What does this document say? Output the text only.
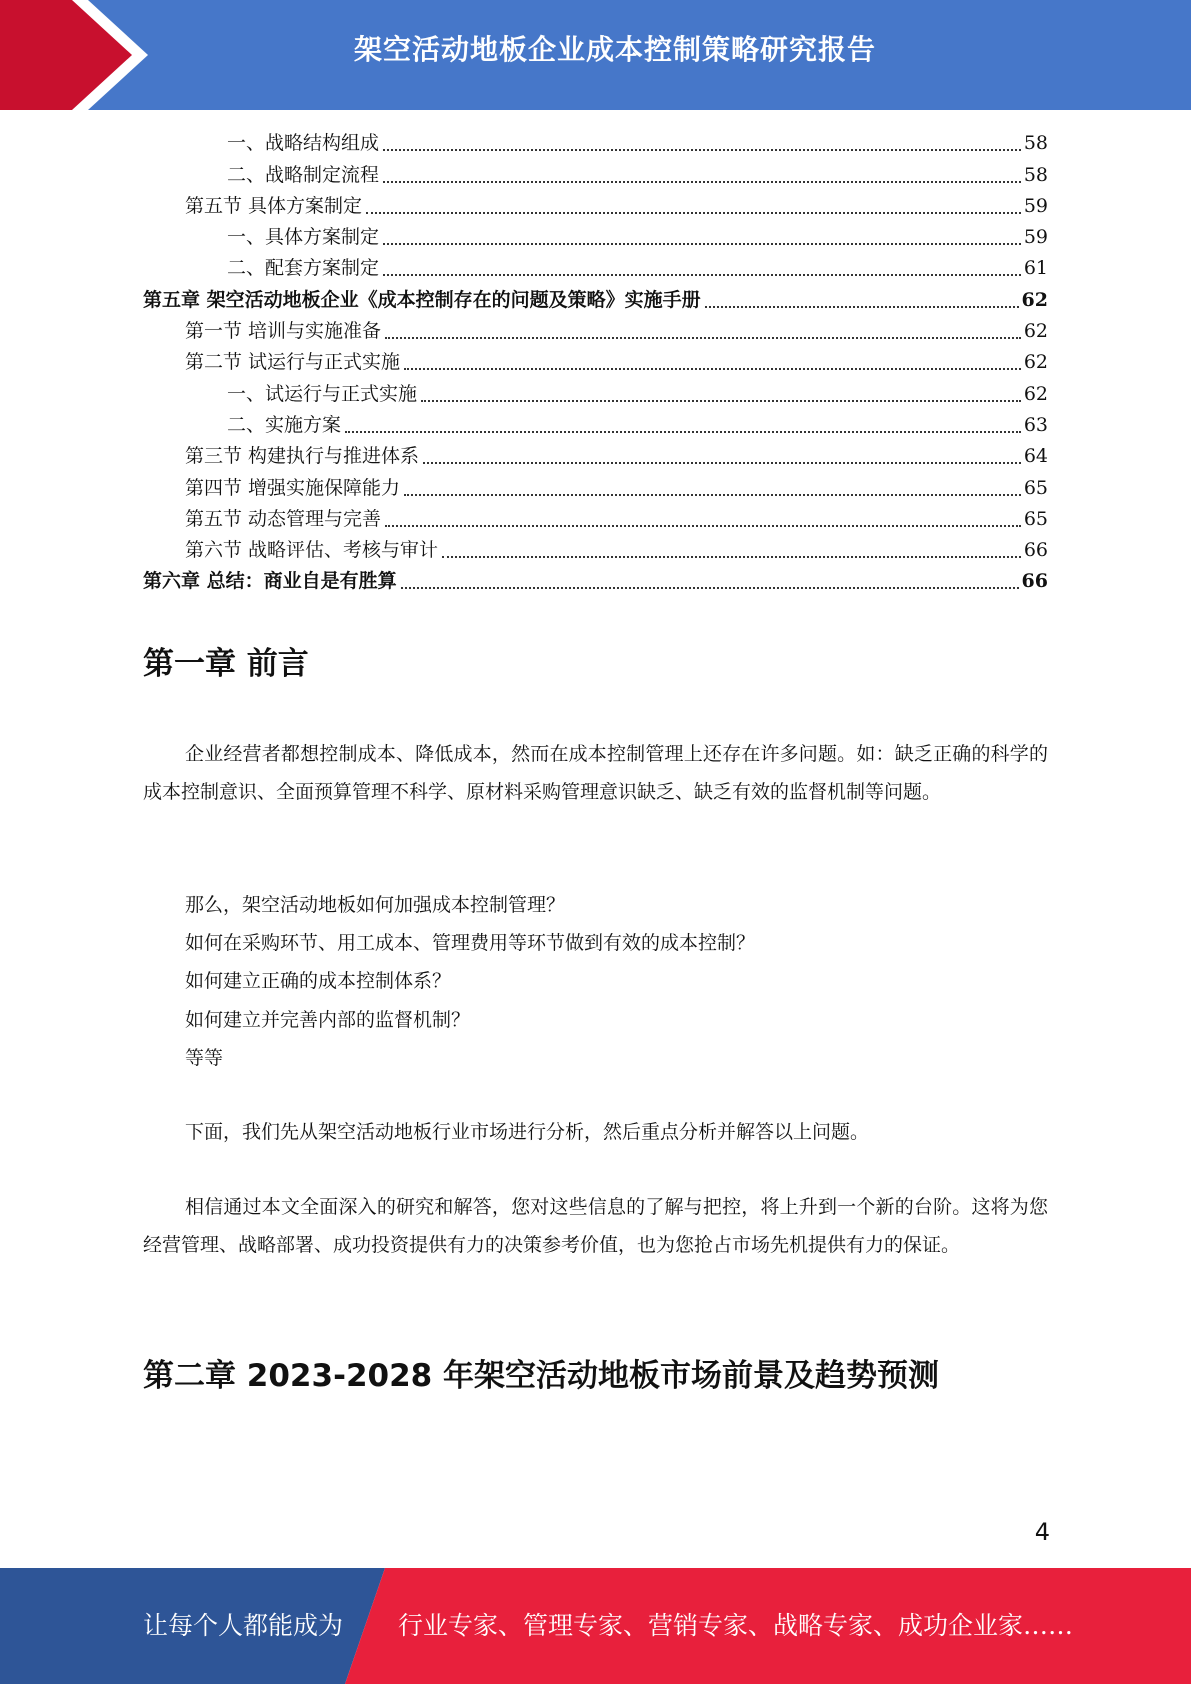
架空活动地板企业成本控制策略研究报告
一、战略结构组成	58
二、战略制定流程	58
第五节 具体方案制定	59
一、具体方案制定	59
二、配套方案制定	61
第五章 架空活动地板企业《成本控制存在的问题及策略》实施手册	62
第一节 培训与实施准备	62
第二节 试运行与正式实施	62
一、试运行与正式实施	62
二、实施方案	63
第三节 构建执行与推进体系	64
第四节 增强实施保障能力	65
第五节 动态管理与完善	65
第六节 战略评估、考核与审计	66
第六章 总结：商业自是有胜算	66
第一章 前言

企业经营者都想控制成本、降低成本，然而在成本控制管理上还存在许多问题。如：缺乏正确的科学的成本控制意识、全面预算管理不科学、原材料采购管理意识缺乏、缺乏有效的监督机制等问题。

那么，架空活动地板如何加强成本控制管理？
如何在采购环节、用工成本、管理费用等环节做到有效的成本控制？
如何建立正确的成本控制体系？
如何建立并完善内部的监督机制？
等等

下面，我们先从架空活动地板行业市场进行分析，然后重点分析并解答以上问题。

相信通过本文全面深入的研究和解答，您对这些信息的了解与把控，将上升到一个新的台阶。这将为您经营管理、战略部署、成功投资提供有力的决策参考价值，也为您抢占市场先机提供有力的保证。

第二章 2023-2028 年架空活动地板市场前景及趋势预测
4
让每个人都能成为 行业专家、管理专家、营销专家、战略专家、成功企业家……
